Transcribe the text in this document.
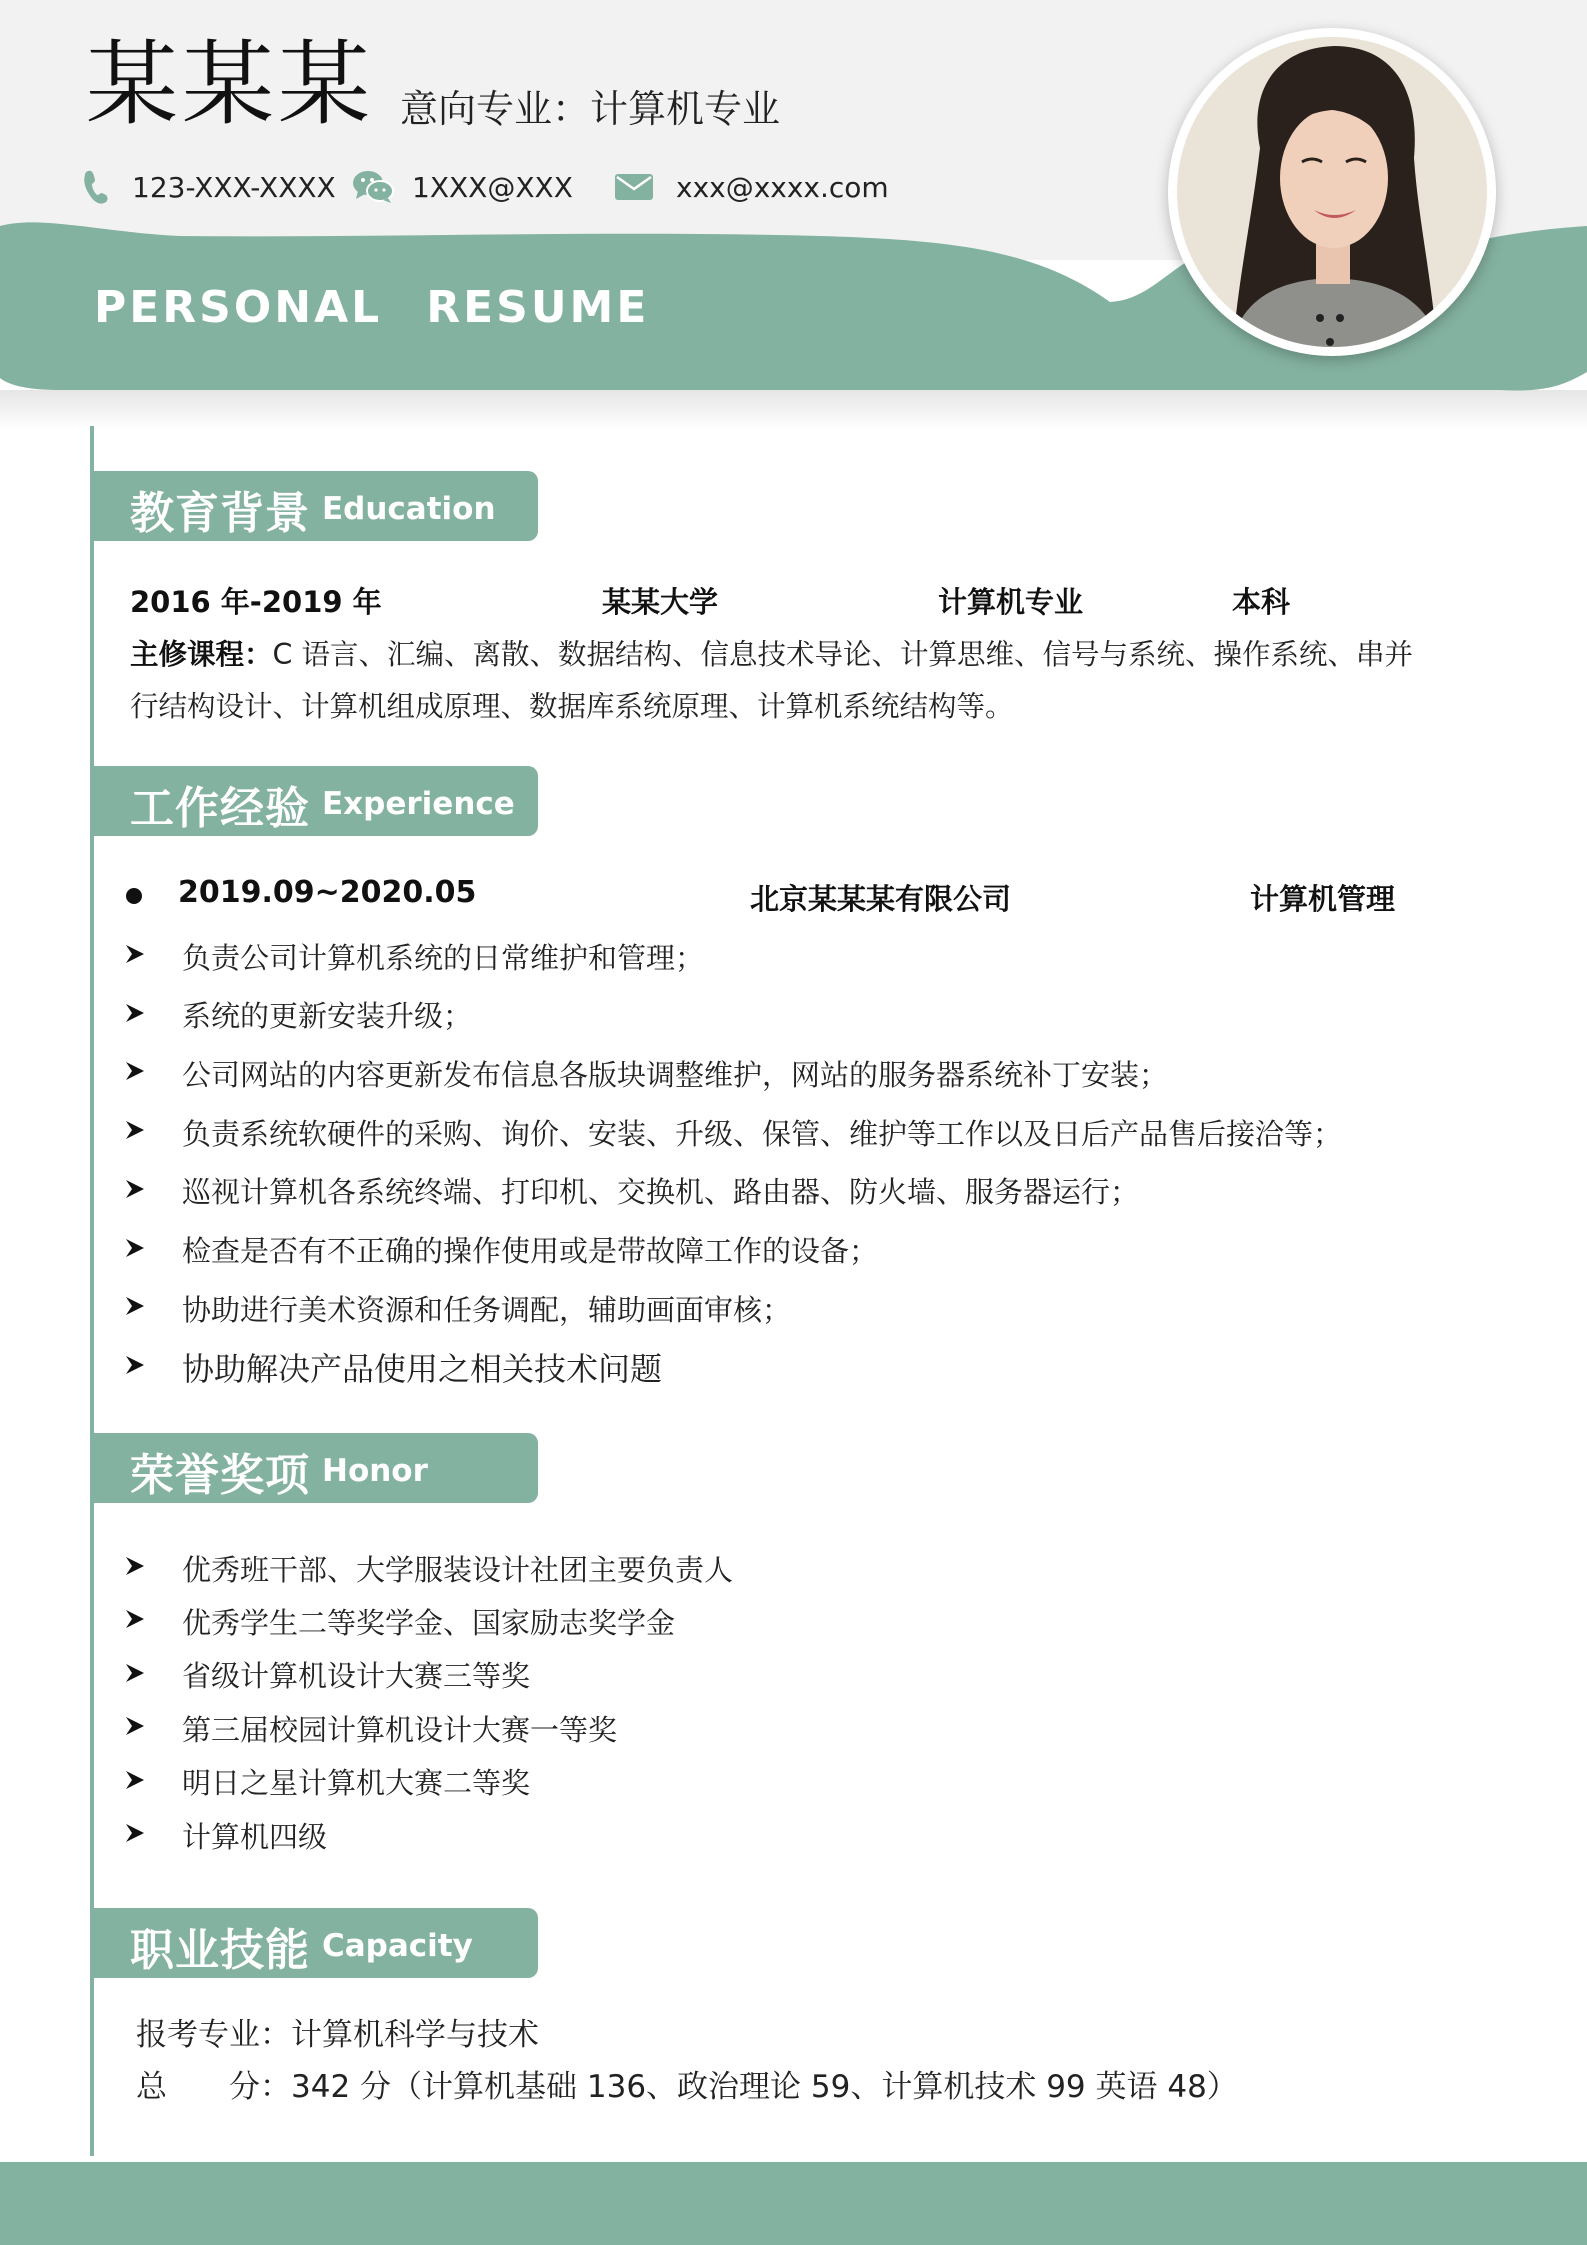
某某某 意向专业：计算机专业
123-XXX-XXXX	1XXX@XXX	xxx@xxxx.com
PERSONAL RESUME
教育背景 Education
2016 年-2019 年	某某大学	计算机专业	本科
主修课程：C 语言、汇编、离散、数据结构、信息技术导论、计算思维、信号与系统、操作系统、串并
行结构设计、计算机组成原理、数据库系统原理、计算机系统结构等。
工作经验 Experience
2019.09~2020.05	北京某某某有限公司	计算机管理
负责公司计算机系统的日常维护和管理；
系统的更新安装升级；
公司网站的内容更新发布信息各版块调整维护，网站的服务器系统补丁安装；
负责系统软硬件的采购、询价、安装、升级、保管、维护等工作以及日后产品售后接洽等；
巡视计算机各系统终端、打印机、交换机、路由器、防火墙、服务器运行；
检查是否有不正确的操作使用或是带故障工作的设备；
协助进行美术资源和任务调配，辅助画面审核；
协助解决产品使用之相关技术问题
荣誉奖项 Honor
优秀班干部、大学服装设计社团主要负责人
优秀学生二等奖学金、国家励志奖学金
省级计算机设计大赛三等奖
第三届校园计算机设计大赛一等奖
明日之星计算机大赛二等奖
计算机四级
职业技能 Capacity
报考专业：计算机科学与技术
总　　分：342 分（计算机基础 136、政治理论 59、计算机技术 99 英语 48）
